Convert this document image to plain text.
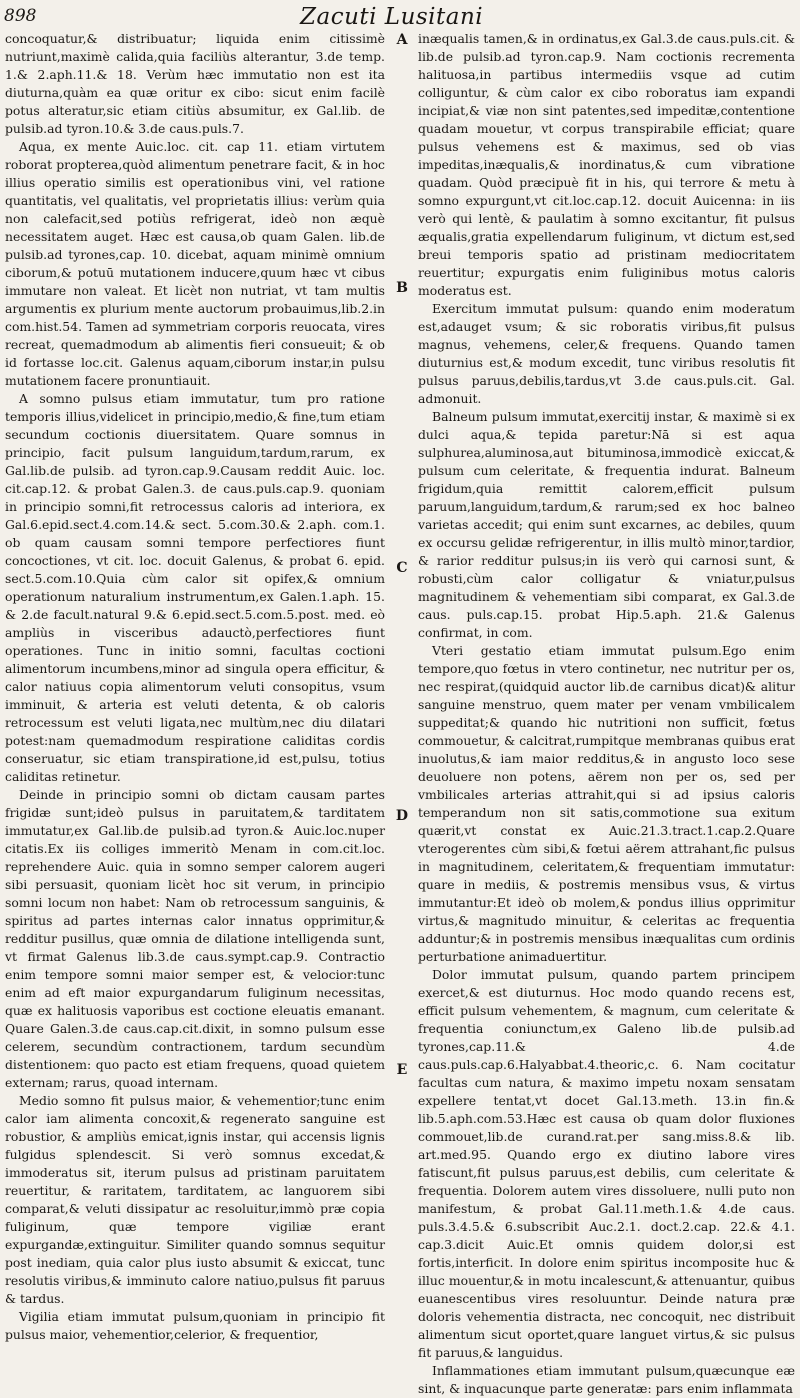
898	Zacuti Lusitani

concoquatur,& distribuatur; liquida enim citissimè nutriunt,maximè calida,quia faciliùs alterantur, 3.de temp. 1.& 2.aph.11.& 18. Verùm hæc immutatio non est ita diuturna,quàm ea quæ oritur ex cibo: sicut enim facilè potus alteratur,sic etiam citiùs absumitur, ex Gal.lib. de pulsib.ad tyron.10.& 3.de caus.puls.7.

Aqua, ex mente Auic.loc. cit. cap 11. etiam virtutem roborat propterea,quòd alimentum penetrare facit, & in hoc illius operatio similis est operationibus vini, vel ratione quantitatis, vel qualitatis, vel proprietatis illius: verùm quia non calefacit,sed potiùs refrigerat, ideò non æquè necessitatem auget. Hæc est causa,ob quam Galen. lib.de pulsib.ad tyrones,cap. 10. dicebat, aquam minimè omnium ciborum,& potuū mutationem inducere,quum hæc vt cibus immutare non valeat. Et licèt non nutriat, vt tam multis argumentis ex plurium mente auctorum probauimus,lib.2.in com.hist.54. Tamen ad symmetriam corporis reuocata, vires recreat, quemadmodum ab alimentis fieri consueuit; & ob id fortasse loc.cit. Galenus aquam,ciborum instar,in pulsu mutationem facere pronuntiauit.

A somno pulsus etiam immutatur, tum pro ratione temporis illius,videlicet in principio,medio,& fine,tum etiam secundum coctionis diuersitatem. Quare somnus in principio, facit pulsum languidum,tardum,rarum, ex Gal.lib.de pulsib. ad tyron.cap.9.Causam reddit Auic. loc. cit.cap.12. & probat Galen.3. de caus.puls.cap.9. quoniam in principio somni,fit retrocessus caloris ad interiora, ex Gal.6.epid.sect.4.com.14.& sect. 5.com.30.& 2.aph. com.1. ob quam causam somni tempore perfectiores fiunt concoctiones, vt cit. loc. docuit Galenus, & probat 6. epid. sect.5.com.10.Quia cùm calor sit opifex,& omnium operationum naturalium instrumentum,ex Galen.1.aph. 15. & 2.de facult.natural 9.& 6.epid.sect.5.com.5.post. med. eò ampliùs in visceribus adauctò,perfectiores fiunt operationes. Tunc in initio somni, facultas coctioni alimentorum incumbens,minor ad singula opera efficitur, & calor natiuus copia alimentorum veluti consopitus, vsum imminuit, & arteria est veluti detenta, & ob caloris retrocessum est veluti ligata,nec multùm,nec diu dilatari potest:nam quemadmodum respiratione caliditas cordis conseruatur, sic etiam transpiratione,id est,pulsu, totius caliditas retinetur.

Deinde in principio somni ob dictam causam partes frigidæ sunt;ideò pulsus in paruitatem,& tarditatem immutatur,ex Gal.lib.de pulsib.ad tyron.& Auic.loc.nuper citatis.Ex iis colliges immeritò Menam in com.cit.loc. reprehendere Auic. quia in somno semper calorem augeri sibi persuasit, quoniam licèt hoc sit verum, in principio somni locum non habet: Nam ob retrocessum sanguinis, & spiritus ad partes internas calor innatus opprimitur,& redditur pusillus, quæ omnia de dilatione intelligenda sunt, vt firmat Galenus lib.3.de caus.sympt.cap.9. Contractio enim tempore somni maior semper est, & velocior:tunc enim ad eft maior expurgandarum fuliginum necessitas, quæ ex halituosis vaporibus est coctione eleuatis emanant. Quare Galen.3.de caus.cap.cit.dixit, in somno pulsum esse celerem, secundùm contractionem, tardum secundùm distentionem: quo pacto est etiam frequens, quoad quietem externam; rarus, quoad internam.

Medio somno fit pulsus maior, & vehementior;tunc enim calor iam alimenta concoxit,& regenerato sanguine est robustior, & ampliùs emicat,ignis instar, qui accensis lignis fulgidus splendescit. Si verò somnus excedat,& immoderatus sit, iterum pulsus ad pristinam paruitatem reuertitur, & raritatem, tarditatem, ac languorem sibi comparat,& veluti dissipatur ac resoluitur,immò præ copia fuliginum, quæ tempore vigiliæ erant expurgandæ,extinguitur. Similiter quando somnus sequitur post inediam, quia calor plus iusto absumit & exiccat, tunc resolutis viribus,& imminuto calore natiuo,pulsus fit paruus & tardus.

Vigilia etiam immutat pulsum,quoniam in principio fit pulsus maior, vehementior,celerior, & frequentior,

A
B
C
D
E

inæqualis tamen,& in ordinatus,ex Gal.3.de caus.puls.cit. & lib.de pulsib.ad tyron.cap.9. Nam coctionis recrementa halituosa,in partibus intermediis vsque ad cutim colliguntur, & cùm calor ex cibo roboratus iam expandi incipiat,& viæ non sint patentes,sed impeditæ,contentione quadam mouetur, vt corpus transpirabile efficiat; quare pulsus vehemens est & maximus, sed ob vias impeditas,inæqualis,& inordinatus,& cum vibratione quadam. Quòd præcipuè fit in his, qui terrore & metu à somno expurgunt,vt cit.loc.cap.12. docuit Auicenna: in iis verò qui lentè, & paulatim à somno excitantur, fit pulsus æqualis,gratia expellendarum fuliginum, vt dictum est,sed breui temporis spatio ad pristinam mediocritatem reuertitur; expurgatis enim fuliginibus motus caloris moderatus est.

Exercitum immutat pulsum: quando enim moderatum est,adauget vsum; & sic roboratis viribus,fit pulsus magnus, vehemens, celer,& frequens. Quando tamen diuturnius est,& modum excedit, tunc viribus resolutis fit pulsus paruus,debilis,tardus,vt 3.de caus.puls.cit. Gal. admonuit.

Balneum pulsum immutat,exercitij instar, & maximè si ex dulci aqua,& tepida paretur:Nā si est aqua sulphurea,aluminosa,aut bituminosa,immodicè exiccat,& pulsum cum celeritate, & frequentia indurat. Balneum frigidum,quia remittit calorem,efficit pulsum paruum,languidum,tardum,& rarum;sed ex hoc balneo varietas accedit; qui enim sunt excarnes, ac debiles, quum ex occursu gelidæ refrigerentur, in illis multò minor,tardior, & rarior redditur pulsus;in iis verò qui carnosi sunt, & robusti,cùm calor colligatur & vniatur,pulsus magnitudinem & vehementiam sibi comparat, ex Gal.3.de caus. puls.cap.15. probat Hip.5.aph. 21.& Galenus confirmat, in com.

Vteri gestatio etiam immutat pulsum.Ego enim tempore,quo fœtus in vtero continetur, nec nutritur per os, nec respirat,(quidquid auctor lib.de carnibus dicat)& alitur sanguine menstruo, quem mater per venam vmbilicalem suppeditat;& quando hic nutritioni non sufficit, fœtus commouetur, & calcitrat,rumpitque membranas quibus erat inuolutus,& iam maior redditus,& in angusto loco sese deuoluere non potens, aërem non per os, sed per vmbilicales arterias attrahit,qui si ad ipsius caloris temperandum non sit satis,commotione sua exitum quærit,vt constat ex Auic.21.3.tract.1.cap.2.Quare vterogerentes cùm sibi,& fœtui aërem attrahant,fic pulsus in magnitudinem, celeritatem,& frequentiam immutatur: quare in mediis, & postremis mensibus vsus, & virtus immutantur:Et ideò ob molem,& pondus illius opprimitur virtus,& magnitudo minuitur, & celeritas ac frequentia adduntur;& in postremis mensibus inæqualitas cum ordinis perturbatione animaduertitur.

Dolor immutat pulsum, quando partem principem exercet,& est diuturnus. Hoc modo quando recens est, efficit pulsum vehementem, & magnum, cum celeritate & frequentia coniunctum,ex Galeno lib.de pulsib.ad tyrones,cap.11.& 4.de caus.puls.cap.6.Halyabbat.4.theoric,c. 6. Nam cocitatur facultas cum natura, & maximo impetu noxam sensatam expellere tentat,vt docet Gal.13.meth. 13.in fin.& lib.5.aph.com.53.Hæc est causa ob quam dolor fluxiones commouet,lib.de curand.rat.per sang.miss.8.& lib. art.med.95. Quando ergo ex diutino labore vires fatiscunt,fit pulsus paruus,est debilis, cum celeritate & frequentia. Dolorem autem vires dissoluere, nulli puto non manifestum, & probat Gal.11.meth.1.& 4.de caus. puls.3.4.5.& 6.subscribit Auc.2.1. doct.2.cap. 22.& 4.1. cap.3.dicit Auic.Et omnis quidem dolor,si est fortis,interficit. In dolore enim spiritus incomposite huc & illuc mouentur,& in motu incalescunt,& attenuantur, quibus euanescentibus vires resoluuntur. Deinde natura præ doloris vehementia distracta, nec concoquit, nec distribuit alimentum sicut oportet,quare languet virtus,& sic pulsus fit paruus,& languidus.

Inflammationes etiam immutant pulsum,quæcunque eæ sint, & inquacunque parte generatæ: pars enim inflammata
